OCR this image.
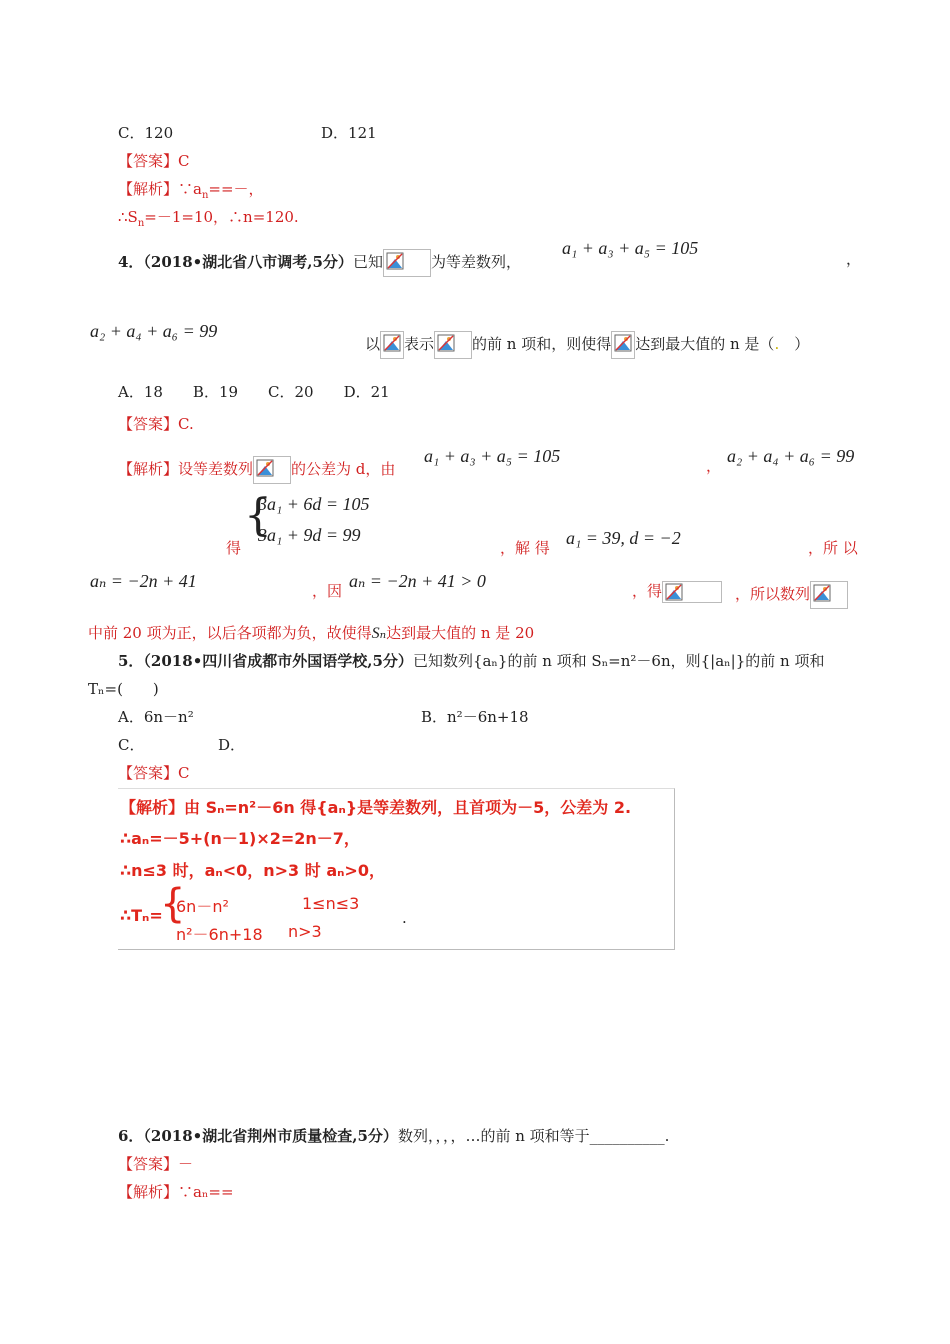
C．120	D．121
【答案】C
【解析】$\because a_n==-$，
$\therefore S_n=-1=10$，∴n=120.
4．（2018•湖北省八市调考,5分）已知	为等差数列，
a₁ + a₃ + a₅ = 105
，
a₂ + a₄ + a₆ = 99
以 表示	的前 n 项和，则使得 达到最大值的 n 是（.　 ）
A．18　　B．19　　C．20　　D．21
【答案】C.
【解析】设等差数列	的公差为 d，由
a₁ + a₃ + a₅ = 105	， a₂ + a₄ + a₆ = 99
{
3a₁ + 6d = 105
3a₁ + 9d = 99
得	，解 得 a₁ = 39, d = −2	，所 以
aₙ = −2n + 41	，因 aₙ = −2n + 41 > 0	，得	，所以数列
中前 20 项为正，以后各项都为负，故使得Sₙ达到最大值的 n 是 20
5．（2018•四川省成都市外国语学校,5分）已知数列{aₙ}的前 n 项和 Sₙ=n²－6n，则{|aₙ|}的前 n 项和
Tₙ=(　　)
A．6n－n²	B．n²－6n+18
C．	D．
【答案】C
【解析】由 Sₙ=n²－6n 得{aₙ}是等差数列，且首项为－5，公差为 2.
∴aₙ=－5+(n－1)×2=2n－7，
∴n≤3 时，aₙ<0，n>3 时 aₙ>0，
∴Tₙ=
{
6n－n²	1≤n≤3
n²－6n+18 n>3
.
6．（2018•湖北省荆州市质量检查,5分）数列，，，，…的前 n 项和等于__________.
【答案】－
【解析】∵aₙ==
